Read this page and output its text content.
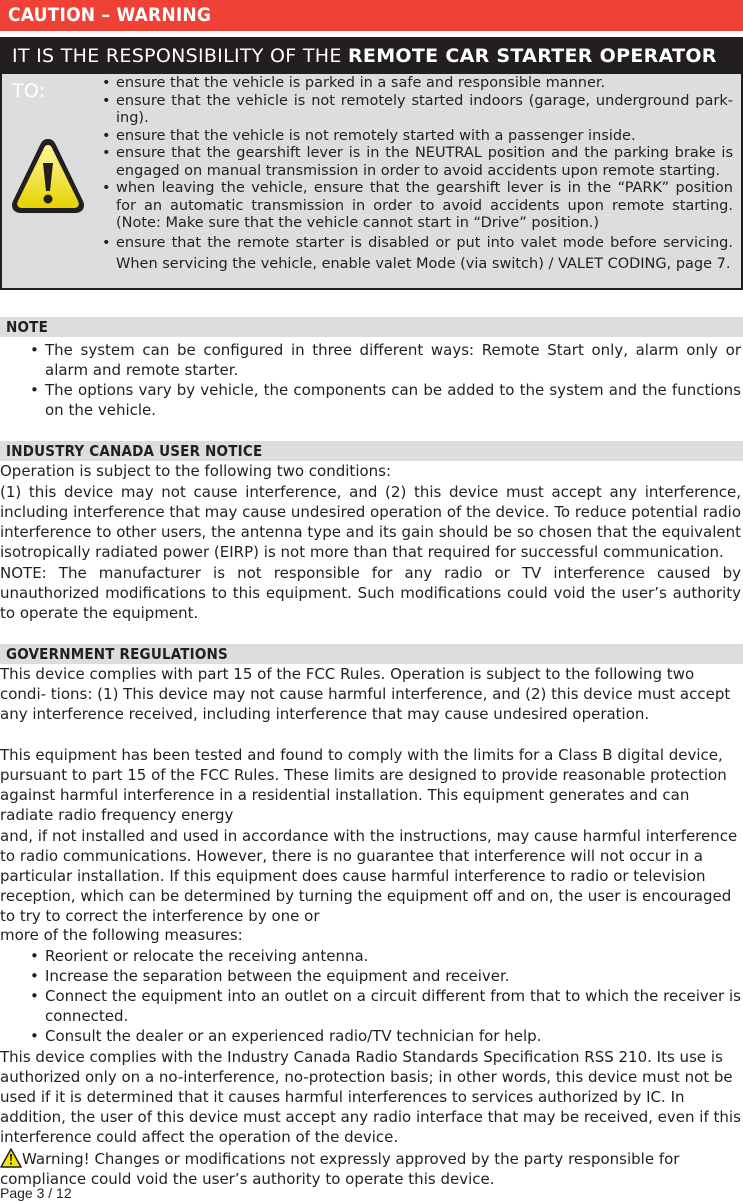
CAUTION – WARNING
IT IS THE RESPONSIBILITY OF THE REMOTE CAR STARTER OPERATOR TO:
•	ensure that the vehicle is parked in a safe and responsible manner.
• ensure that the vehicle is not remotely started indoors (garage, underground park- ing).
• ensure that the vehicle is not remotely started with a passenger inside.
• ensure that the gearshift lever is in the NEUTRAL position and the parking brake is engaged on manual transmission in order to avoid accidents upon remote starting.
• when leaving the vehicle, ensure that the gearshift lever is in the “PARK” position for an automatic transmission in order to avoid accidents upon remote starting. (Note: Make sure that the vehicle cannot start in “Drive” position.)
• ensure that the remote starter is disabled or put into valet mode before servicing. When servicing the vehicle, enable valet Mode (via switch) / VALET CODING, page 7.
NOTE
• The system can be configured in three different ways: Remote Start only, alarm only or alarm and remote starter.
• The options vary by vehicle, the components can be added to the system and the functions on the vehicle.
INDUSTRY CANADA USER NOTICE

Operation is subject to the following two conditions:

(1) this device may not cause interference, and (2) this device must accept any interference, including interference that may cause undesired operation of the device. To reduce potential radio interference to other users, the antenna type and its gain should be so chosen that the equivalent isotropically radiated power (EIRP) is not more than that required for successful communication.

NOTE: The manufacturer is not responsible for any radio or TV interference caused by unauthorized modifications to this equipment. Such modifications could void the user’s authority to operate the equipment.

GOVERNMENT REGULATIONS

This device complies with part 15 of the FCC Rules. Operation is subject to the following two condi- tions: (1) This device may not cause harmful interference, and (2) this device must accept any interference received, including interference that may cause undesired operation.

This equipment has been tested and found to comply with the limits for a Class B digital device, pursuant to part 15 of the FCC Rules. These limits are designed to provide reasonable protection against harmful interference in a residential installation. This equipment generates and can radiate radio frequency energy

and, if not installed and used in accordance with the instructions, may cause harmful interference to radio communications. However, there is no guarantee that interference will not occur in a particular installation. If this equipment does cause harmful interference to radio or television reception, which can be determined by turning the equipment off and on, the user is encouraged to try to correct the interference by one or

more of the following measures:

• Reorient or relocate the receiving antenna.
• Increase the separation between the equipment and receiver.
• Connect the equipment into an outlet on a circuit different from that to which the receiver is connected.
• Consult the dealer or an experienced radio/TV technician for help.

This device complies with the Industry Canada Radio Standards Specification RSS 210. Its use is authorized only on a no-interference, no-protection basis; in other words, this device must not be used if it is determined that it causes harmful interferences to services authorized by IC. In addition, the user of this device must accept any radio interface that may be received, even if this interference could affect the operation of the device.

Warning! Changes or modifications not expressly approved by the party responsible for compliance could void the user’s authority to operate this device.

Page 3 / 12
